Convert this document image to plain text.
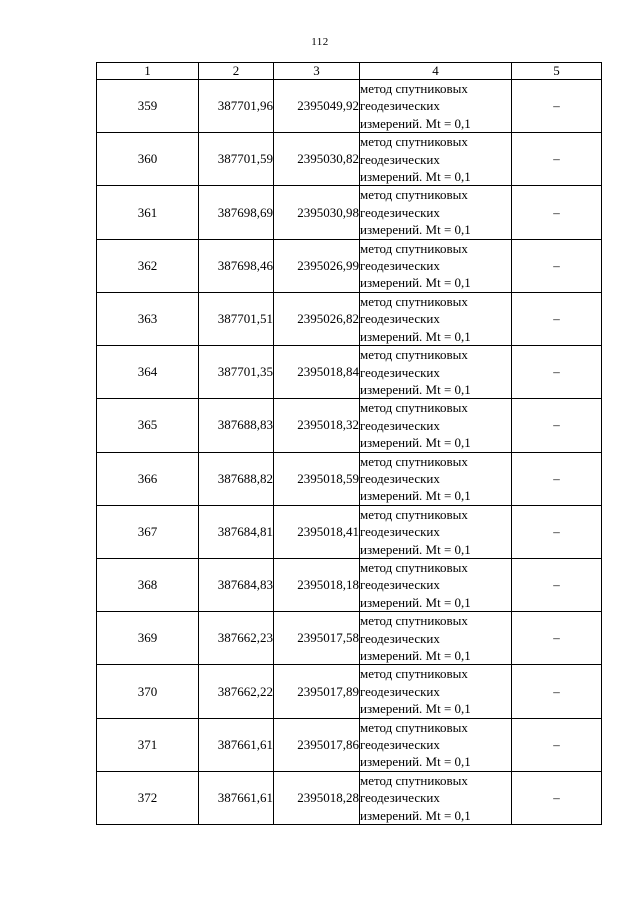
112
1	2	3	4	5
359	387701,96	2395049,92	метод спутниковых
геодезических
измерений. Mt = 0,1	–
360	387701,59	2395030,82	метод спутниковых
геодезических
измерений. Mt = 0,1	–
361	387698,69	2395030,98	метод спутниковых
геодезических
измерений. Mt = 0,1	–
362	387698,46	2395026,99	метод спутниковых
геодезических
измерений. Mt = 0,1	–
363	387701,51	2395026,82	метод спутниковых
геодезических
измерений. Mt = 0,1	–
364	387701,35	2395018,84	метод спутниковых
геодезических
измерений. Mt = 0,1	–
365	387688,83	2395018,32	метод спутниковых
геодезических
измерений. Mt = 0,1	–
366	387688,82	2395018,59	метод спутниковых
геодезических
измерений. Mt = 0,1	–
367	387684,81	2395018,41	метод спутниковых
геодезических
измерений. Mt = 0,1	–
368	387684,83	2395018,18	метод спутниковых
геодезических
измерений. Mt = 0,1	–
369	387662,23	2395017,58	метод спутниковых
геодезических
измерений. Mt = 0,1	–
370	387662,22	2395017,89	метод спутниковых
геодезических
измерений. Mt = 0,1	–
371	387661,61	2395017,86	метод спутниковых
геодезических
измерений. Mt = 0,1	–
372	387661,61	2395018,28	метод спутниковых
геодезических
измерений. Mt = 0,1	–
